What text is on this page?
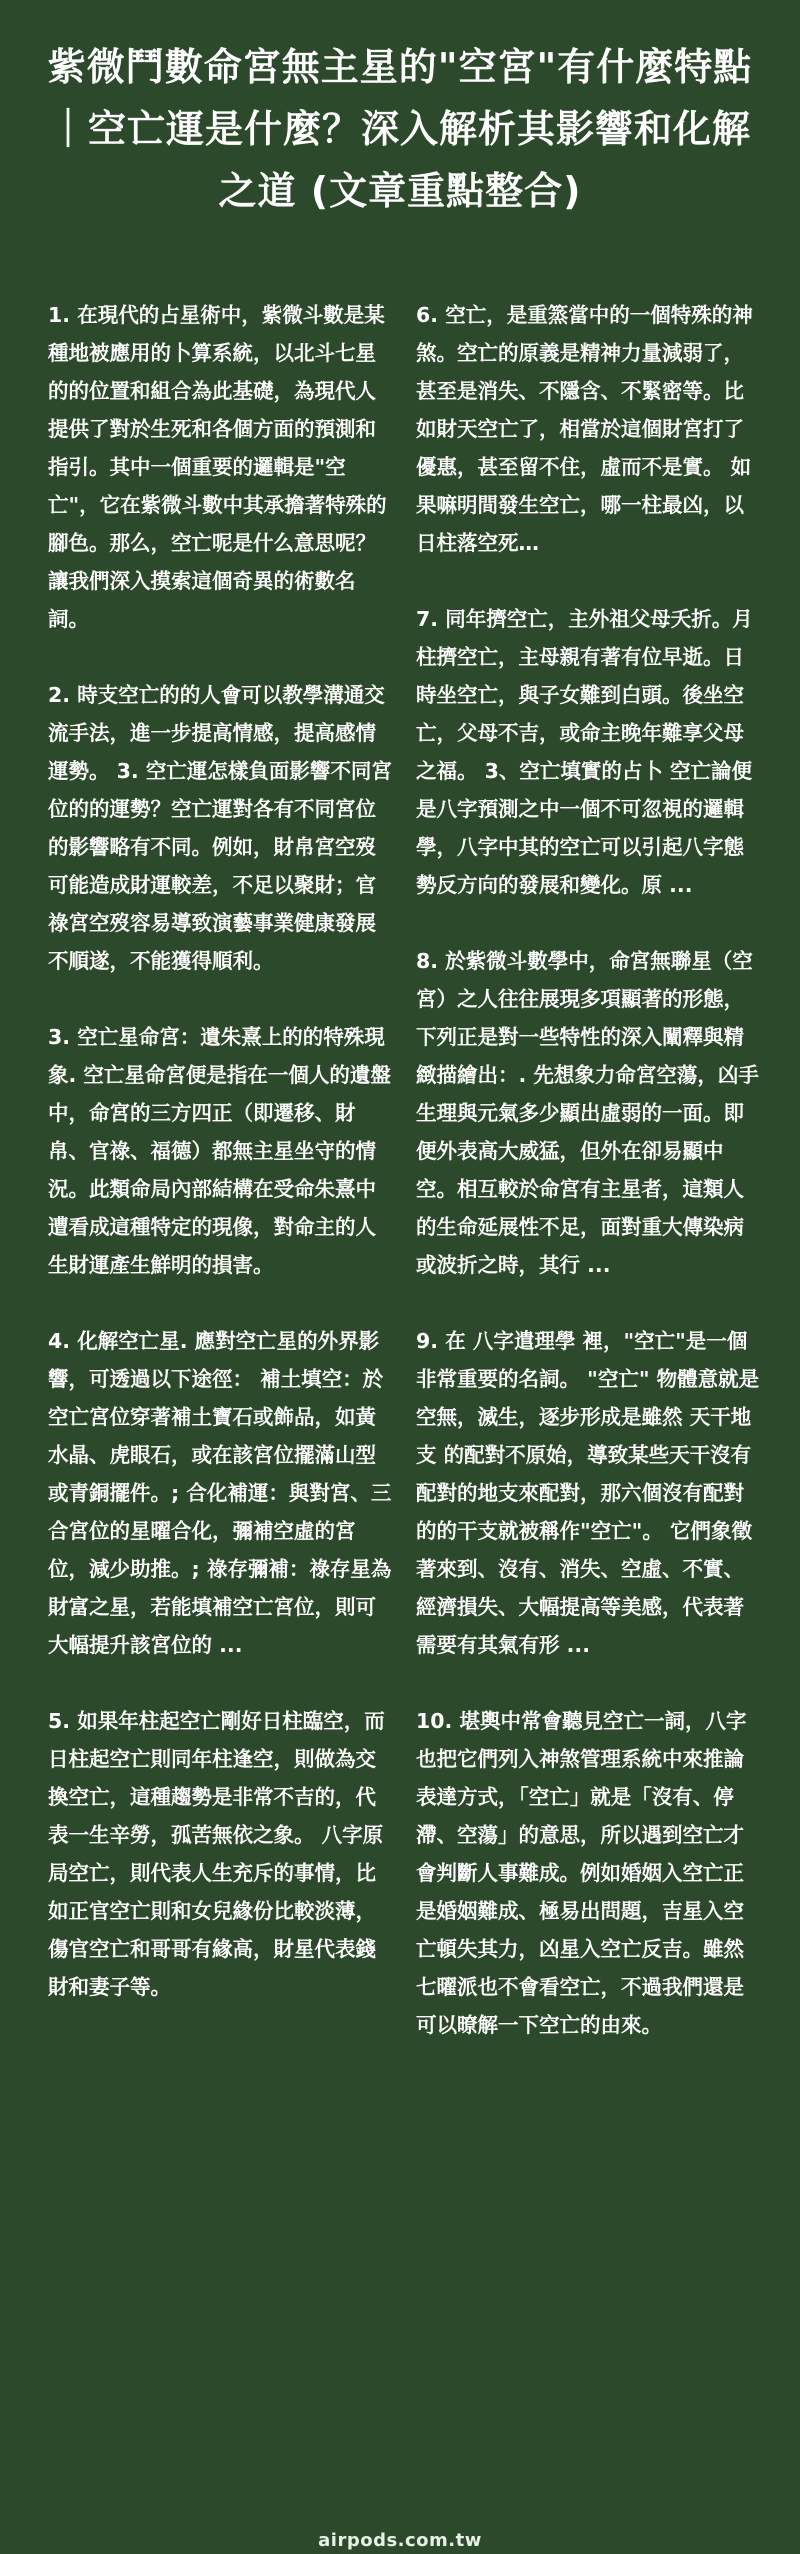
紫微鬥數命宮無主星的"空宮"有什麼特點｜空亡運是什麼？深入解析其影響和化解之道 (文章重點整合)

1. 在現代的占星術中，紫微斗數是某種地被應用的卜算系統，以北斗七星的的位置和組合為此基礎，為現代人提供了對於生死和各個方面的預測和指引。其中一個重要的邏輯是"空亡"，它在紫微斗數中其承擔著特殊的腳色。那么，空亡呢是什么意思呢？讓我們深入摸索這個奇異的術數名詞。

2. 時支空亡的的人會可以教學溝通交流手法，進一步提高情感，提高感情運勢。 3. 空亡運怎樣負面影響不同宮位的的運勢？空亡運對各有不同宮位的影響略有不同。例如，財帛宮空歿可能造成財運較差，不足以聚財；官祿宮空歿容易導致演藝事業健康發展不順遂，不能獲得順利。

3. 空亡星命宮：遺朱熹上的的特殊現象. 空亡星命宮便是指在一個人的遺盤中，命宮的三方四正（即遷移、財帛、官祿、福德）都無主星坐守的情況。此類命局內部結構在受命朱熹中遭看成這種特定的現像，對命主的人生財運產生鮮明的損害。

4. 化解空亡星. 應對空亡星的外界影響，可透過以下途徑： 補土填空：於空亡宮位穿著補土寶石或飾品，如黃水晶、虎眼石，或在該宮位擺滿山型或青銅擺件。; 合化補運：與對宮、三合宮位的星曜合化，彌補空虛的宮位，減少助推。; 祿存彌補：祿存星為財富之星，若能填補空亡宮位，則可大幅提升該宮位的 ...

5. 如果年柱起空亡剛好日柱臨空，而日柱起空亡則同年柱逢空，則做為交換空亡，這種趨勢是非常不吉的，代表一生辛勞，孤苦無依之象。 八字原局空亡，則代表人生充斥的事情，比如正官空亡則和女兒緣份比較淡薄，傷官空亡和哥哥有緣高，財星代表錢財和妻子等。

6. 空亡，是重篜當中的一個特殊的神煞。空亡的原義是精神力量減弱了，甚至是消失、不隱含、不緊密等。比如財天空亡了，相當於這個財宮打了優惠，甚至留不住，虛而不是實。 如果嘛明間發生空亡，哪一柱最凶，以日柱落空死…

7. 同年擠空亡，主外祖父母夭折。月柱擠空亡，主母親有著有位早逝。日時坐空亡，與子女難到白頭。後坐空亡，父母不吉，或命主晚年難享父母之福。 3、空亡填實的占卜 空亡論便是八字預測之中一個不可忽視的邏輯學，八字中其的空亡可以引起八字態勢反方向的發展和變化。原 ...

8. 於紫微斗數學中，命宮無聯星（空宮）之人往往展現多項顯著的形態，下列正是對一些特性的深入闡釋與精緻描繪出：. 先想象力命宮空蕩，凶手生理與元氣多少顯出虛弱的一面。即便外表高大威猛，但外在卻易顯中空。相互較於命宮有主星者，這類人的生命延展性不足，面對重大傳染病或波折之時，其行 ...

9. 在 八字遣理學 裡，"空亡"是一個非常重要的名詞。 "空亡" 物體意就是空無，滅生，逐步形成是雖然 天干地支 的配對不原始，導致某些天干沒有配對的地支來配對，那六個沒有配對的的干支就被稱作"空亡"。 它們象徵著來到、沒有、消失、空虛、不實、經濟損失、大幅提高等美感，代表著需要有其氣有形 ...

10. 堪輿中常會聽見空亡一詞，八字也把它們列入神煞管理系統中來推論表達方式，「空亡」就是「沒有、停滯、空蕩」的意思，所以遇到空亡才會判斷人事難成。例如婚姻入空亡正是婚姻難成、極易出問題，吉星入空亡頓失其力，凶星入空亡反吉。雖然七曜派也不會看空亡，不過我們還是可以暸解一下空亡的由來。

airpods.com.tw
